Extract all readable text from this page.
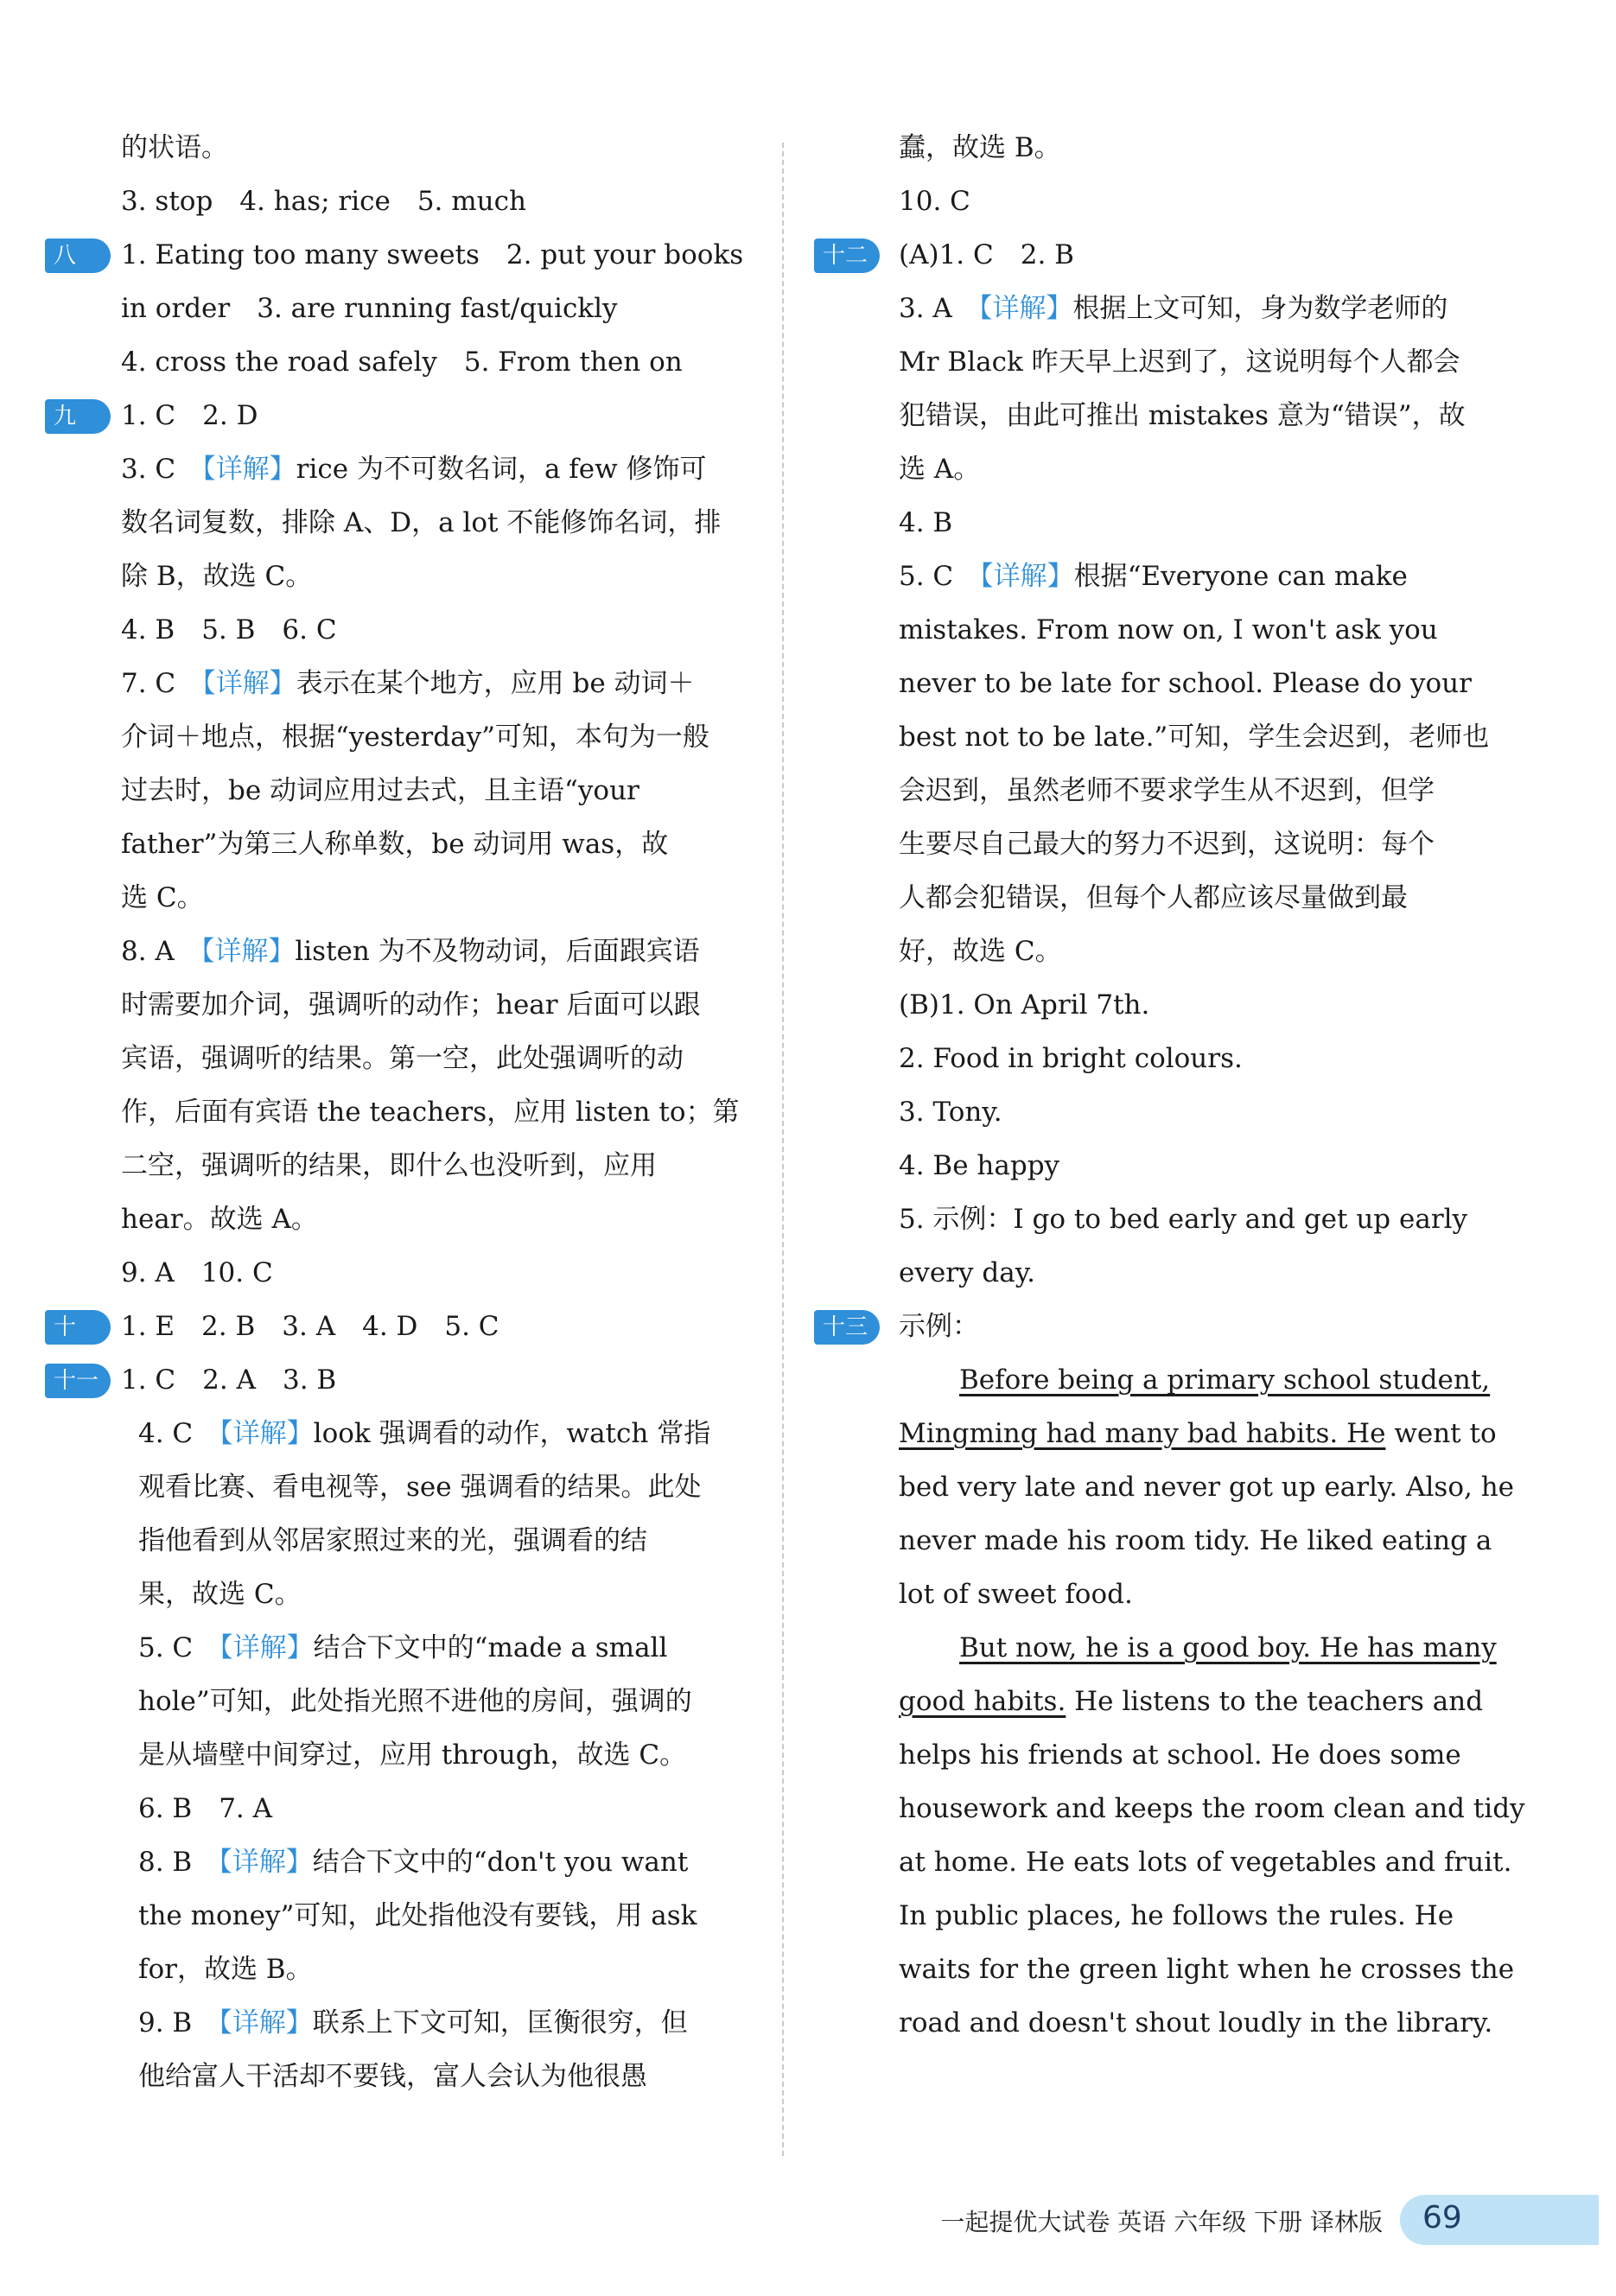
的状语。
3. stop　4. has; rice　5. much
八	1. Eating too many sweets　2. put your books
in order　3. are running fast/quickly
4. cross the road safely　5. From then on
九	1. C　2. D
3. C　【详解】rice 为不可数名词，a few 修饰可
数名词复数，排除 A、D，a lot 不能修饰名词，排
除 B，故选 C。
4. B　5. B　6. C
7. C　【详解】表示在某个地方，应用 be 动词＋
介词＋地点，根据“yesterday”可知，本句为一般
过去时，be 动词应用过去式，且主语“your
father”为第三人称单数，be 动词用 was，故
选 C。
8. A　【详解】listen 为不及物动词，后面跟宾语
时需要加介词，强调听的动作；hear 后面可以跟
宾语，强调听的结果。第一空，此处强调听的动
作，后面有宾语 the teachers，应用 listen to；第
二空，强调听的结果，即什么也没听到，应用
hear。故选 A。
9. A　10. C
十	1. E　2. B　3. A　4. D　5. C
十一 1. C　2. A　3. B
4. C　【详解】look 强调看的动作，watch 常指
观看比赛、看电视等，see 强调看的结果。此处
指他看到从邻居家照过来的光，强调看的结
果，故选 C。
5. C　【详解】结合下文中的“made a small
hole”可知，此处指光照不进他的房间，强调的
是从墙壁中间穿过，应用 through，故选 C。
6. B　7. A
8. B　【详解】结合下文中的“don't you want
the money”可知，此处指他没有要钱，用 ask
for，故选 B。
9. B　【详解】联系上下文可知，匡衡很穷，但
他给富人干活却不要钱，富人会认为他很愚
蠢，故选 B。
10. C
十二	(A)1. C　2. B
3. A　【详解】根据上文可知，身为数学老师的
Mr Black 昨天早上迟到了，这说明每个人都会
犯错误，由此可推出 mistakes 意为“错误”，故
选 A。
4. B
5. C　【详解】根据“Everyone can make
mistakes. From now on, I won't ask you
never to be late for school. Please do your
best not to be late.”可知，学生会迟到，老师也
会迟到，虽然老师不要求学生从不迟到，但学
生要尽自己最大的努力不迟到，这说明：每个
人都会犯错误，但每个人都应该尽量做到最
好，故选 C。
(B)1. On April 7th.
2. Food in bright colours.
3. Tony.
4. Be happy
5. 示例：I go to bed early and get up early
every day.
十三	示例：
Before being a primary school student,
Mingming had many bad habits. He went to
bed very late and never got up early. Also, he
never made his room tidy. He liked eating a
lot of sweet food.
But now, he is a good boy. He has many
good habits. He listens to the teachers and
helps his friends at school. He does some
housework and keeps the room clean and tidy
at home. He eats lots of vegetables and fruit.
In public places, he follows the rules. He
waits for the green light when he crosses the
road and doesn't shout loudly in the library.
一起提优大试卷 英语 六年级 下册 译林版 69
